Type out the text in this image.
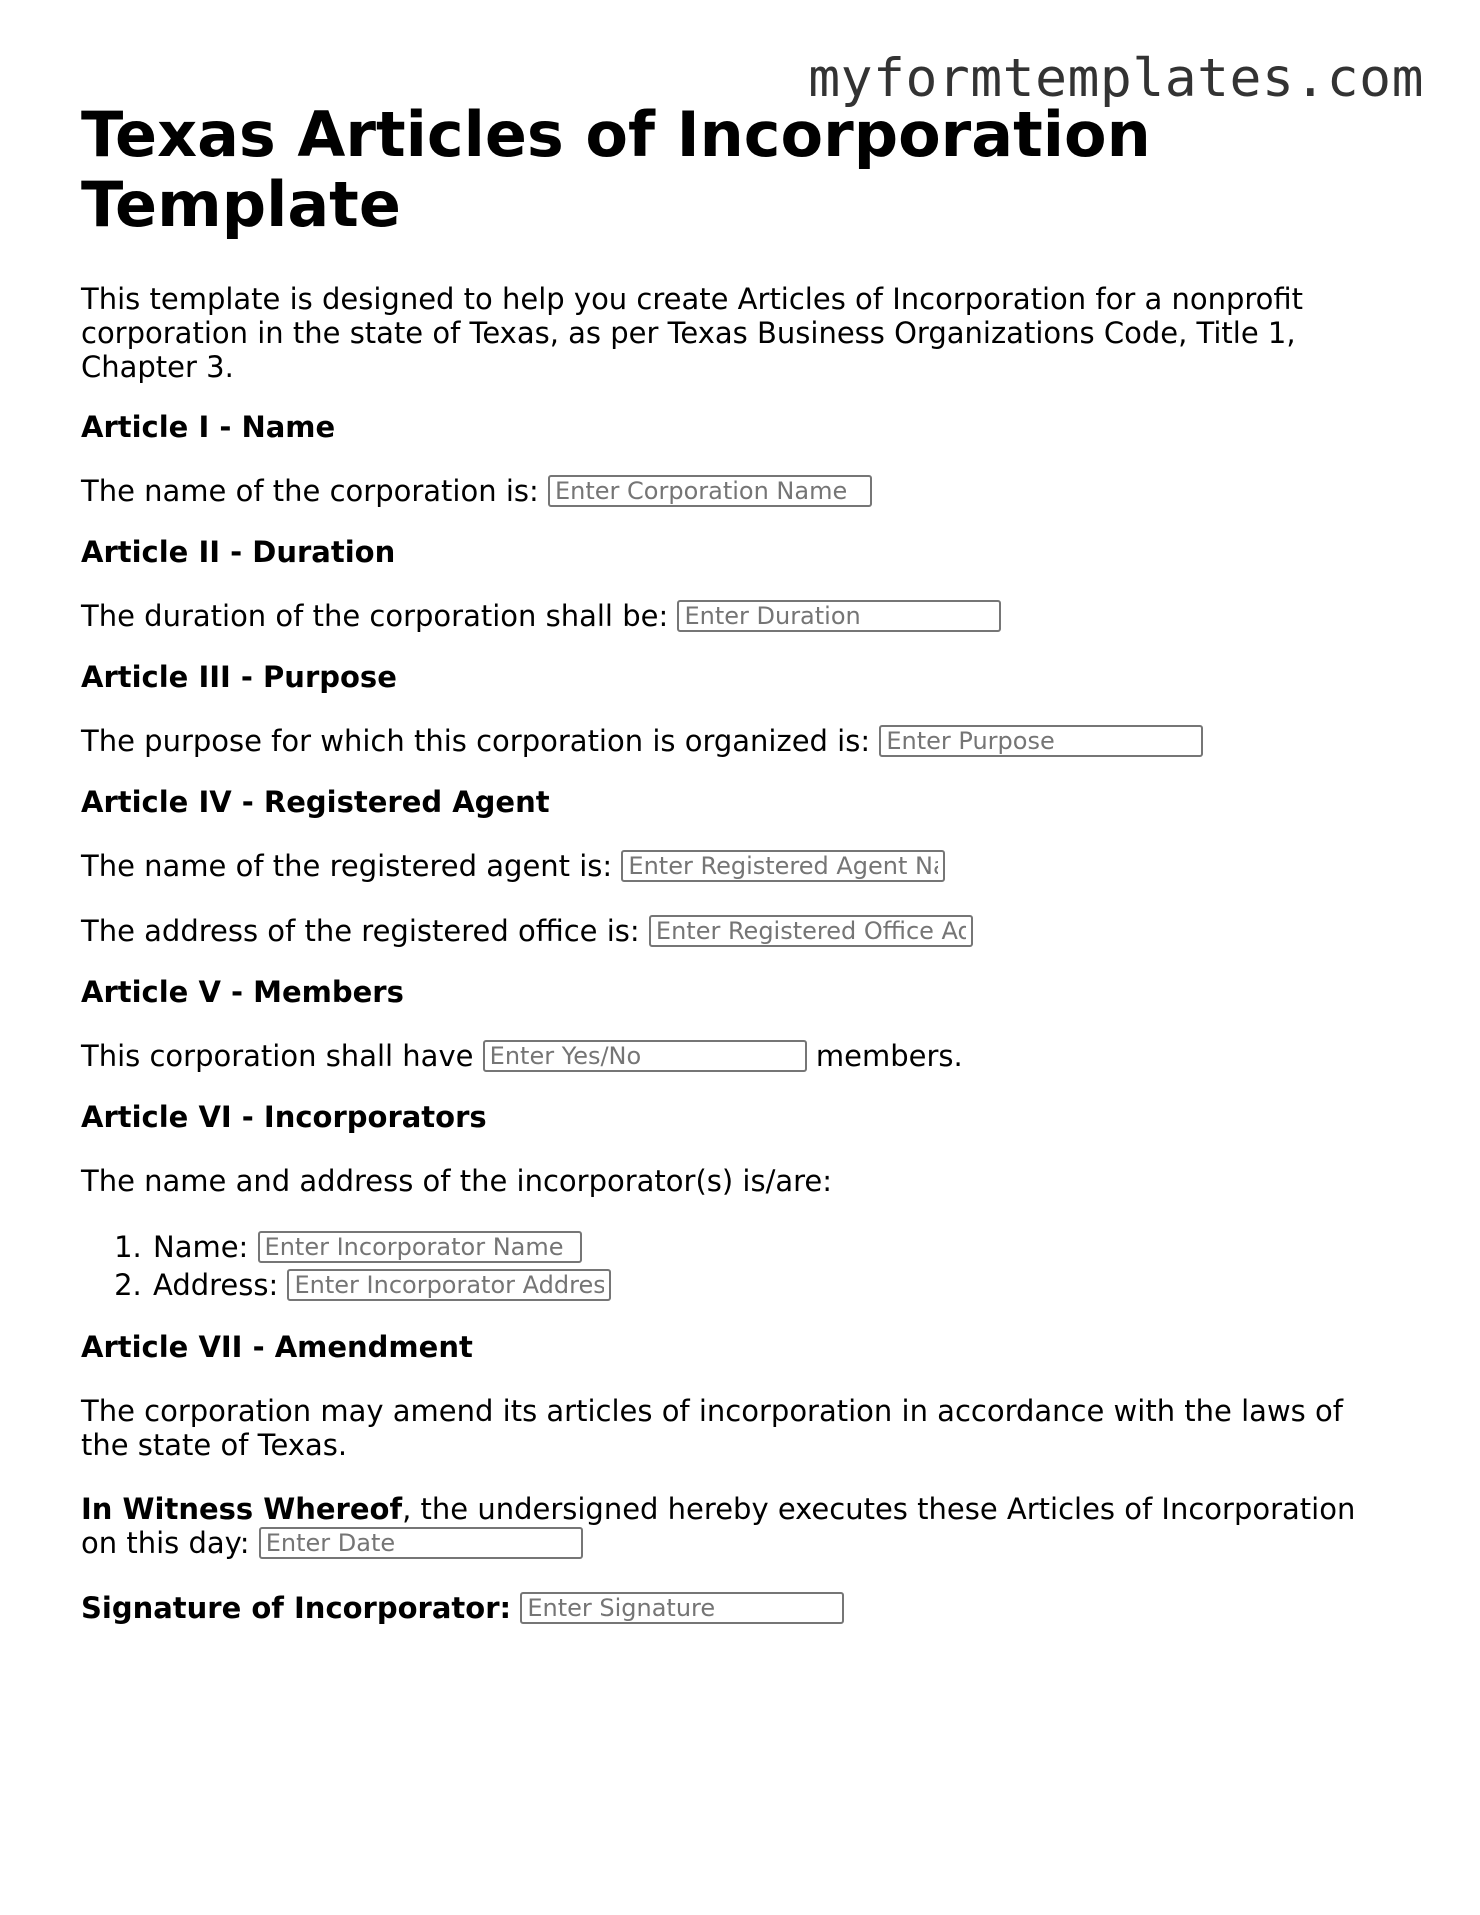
myformtemplates.com
Texas Articles of Incorporation Template

This template is designed to help you create Articles of Incorporation for a nonprofit corporation in the state of Texas, as per Texas Business Organizations Code, Title 1, Chapter 3.

Article I - Name

The name of the corporation is: Enter Corporation Name

Article II - Duration

The duration of the corporation shall be: Enter Duration

Article III - Purpose

The purpose for which this corporation is organized is: Enter Purpose

Article IV - Registered Agent

The name of the registered agent is: Enter Registered Agent Name

The address of the registered office is: Enter Registered Office Address

Article V - Members

This corporation shall have Enter Yes/No	members.

Article VI - Incorporators

The name and address of the incorporator(s) is/are:

1. Name: Enter Incorporator Name
2. Address: Enter Incorporator Address
Article VII - Amendment

The corporation may amend its articles of incorporation in accordance with the laws of the state of Texas.

In Witness Whereof, the undersigned hereby executes these Articles of Incorporation on this day: Enter Date

Signature of Incorporator: Enter Signature
